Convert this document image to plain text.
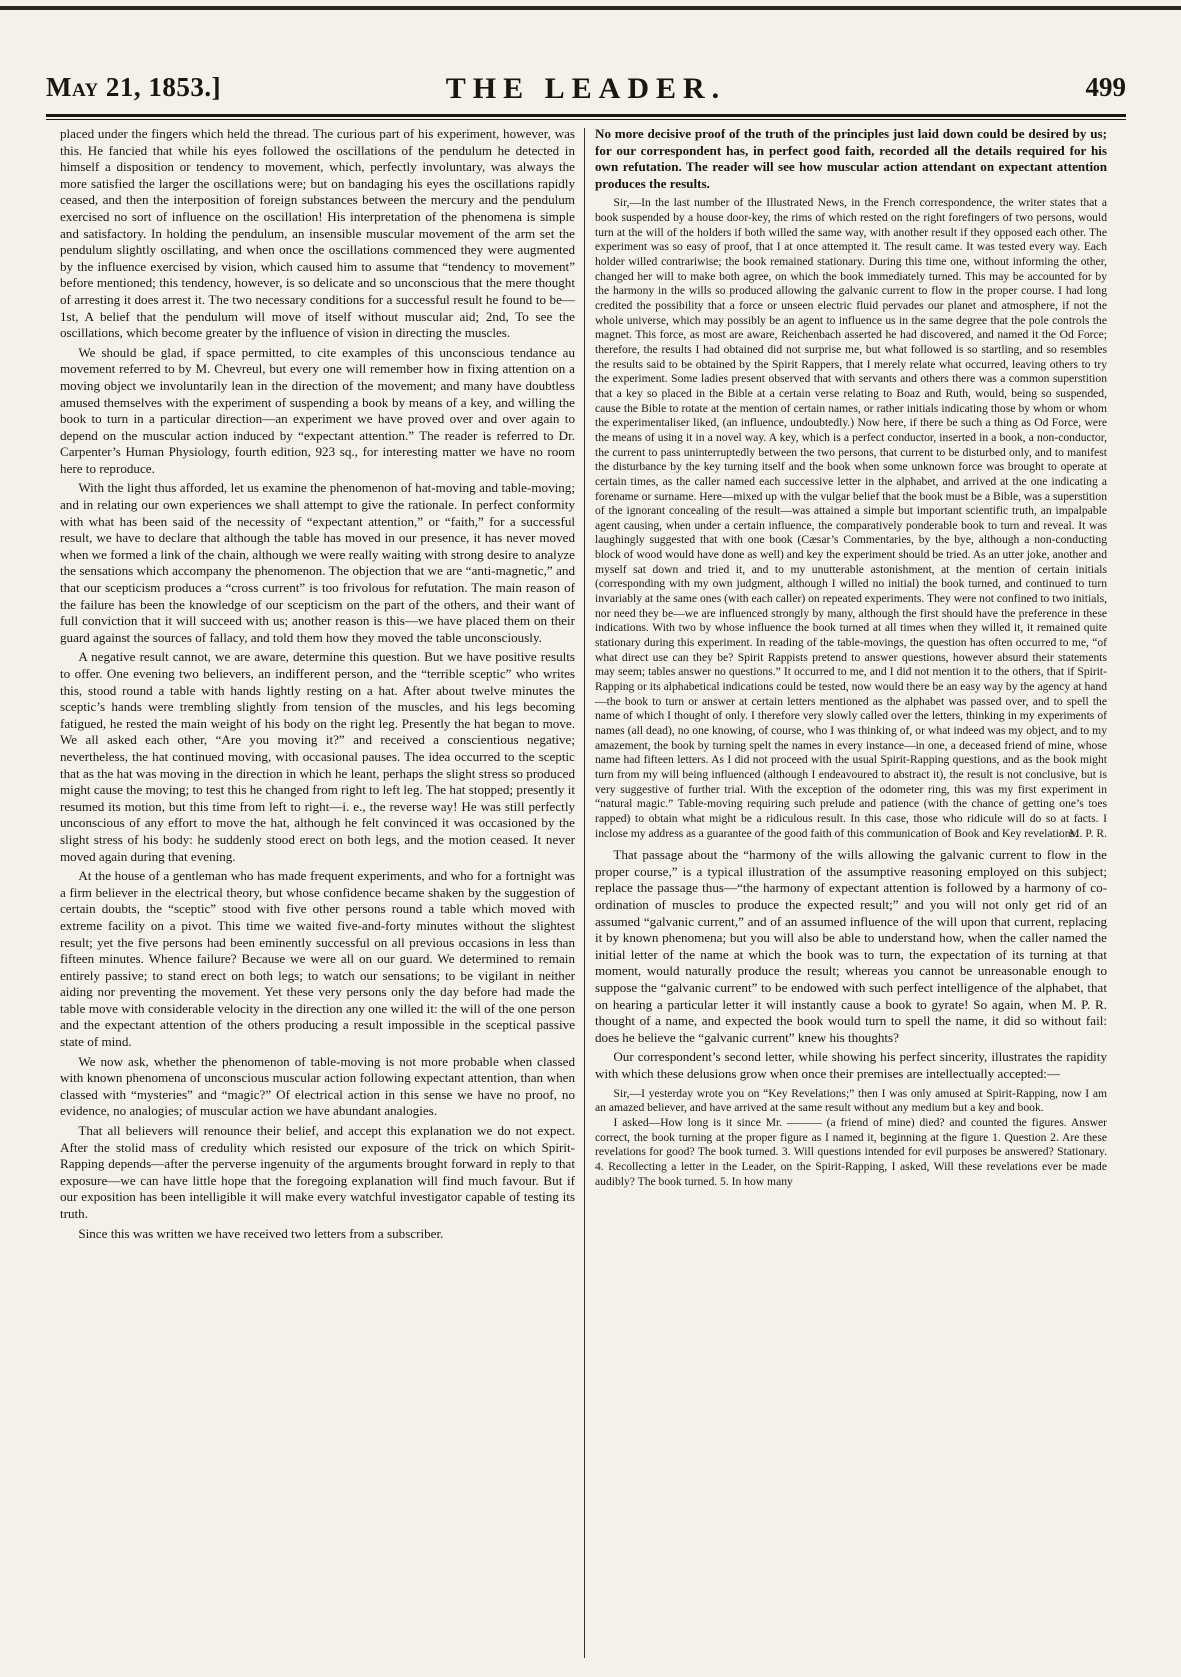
May 21, 1853.]	THE LEADER.	499

placed under the fingers which held the thread. The curious part of his experiment, however, was this. He fancied that while his eyes followed the oscillations of the pendulum he detected in himself a disposition or tendency to movement, which, perfectly involuntary, was always the more satisfied the larger the oscillations were; but on bandaging his eyes the oscillations rapidly ceased, and then the interposition of foreign substances between the mercury and the pendulum exercised no sort of influence on the oscillation! His interpretation of the phenomena is simple and satisfactory. In holding the pendulum, an insensible muscular movement of the arm set the pendulum slightly oscillating, and when once the oscillations commenced they were augmented by the influence exercised by vision, which caused him to assume that “tendency to movement” before mentioned; this tendency, however, is so delicate and so unconscious that the mere thought of arresting it does arrest it. The two necessary conditions for a successful result he found to be—1st, A belief that the pendulum will move of itself without muscular aid; 2nd, To see the oscillations, which become greater by the influence of vision in directing the muscles.

We should be glad, if space permitted, to cite examples of this unconscious tendance au movement referred to by M. Chevreul, but every one will remember how in fixing attention on a moving object we involuntarily lean in the direction of the movement; and many have doubtless amused themselves with the experiment of suspending a book by means of a key, and willing the book to turn in a particular direction—an experiment we have proved over and over again to depend on the muscular action induced by “expectant attention.” The reader is referred to Dr. Carpenter’s Human Physiology, fourth edition, 923 sq., for interesting matter we have no room here to reproduce.

With the light thus afforded, let us examine the phenomenon of hat-moving and table-moving; and in relating our own experiences we shall attempt to give the rationale. In perfect conformity with what has been said of the necessity of “expectant attention,” or “faith,” for a successful result, we have to declare that although the table has moved in our presence, it has never moved when we formed a link of the chain, although we were really waiting with strong desire to analyze the sensations which accompany the phenomenon. The objection that we are “anti-magnetic,” and that our scepticism produces a “cross current” is too frivolous for refutation. The main reason of the failure has been the knowledge of our scepticism on the part of the others, and their want of full conviction that it will succeed with us; another reason is this—we have placed them on their guard against the sources of fallacy, and told them how they moved the table unconsciously.

A negative result cannot, we are aware, determine this question. But we have positive results to offer. One evening two believers, an indifferent person, and the “terrible sceptic” who writes this, stood round a table with hands lightly resting on a hat. After about twelve minutes the sceptic’s hands were trembling slightly from tension of the muscles, and his legs becoming fatigued, he rested the main weight of his body on the right leg. Presently the hat began to move. We all asked each other, “Are you moving it?” and received a conscientious negative; nevertheless, the hat continued moving, with occasional pauses. The idea occurred to the sceptic that as the hat was moving in the direction in which he leant, perhaps the slight stress so produced might cause the moving; to test this he changed from right to left leg. The hat stopped; presently it resumed its motion, but this time from left to right—i. e., the reverse way! He was still perfectly unconscious of any effort to move the hat, although he felt convinced it was occasioned by the slight stress of his body: he suddenly stood erect on both legs, and the motion ceased. It never moved again during that evening.

At the house of a gentleman who has made frequent experiments, and who for a fortnight was a firm believer in the electrical theory, but whose confidence became shaken by the suggestion of certain doubts, the “sceptic” stood with five other persons round a table which moved with extreme facility on a pivot. This time we waited five-and-forty minutes without the slightest result; yet the five persons had been eminently successful on all previous occasions in less than fifteen minutes. Whence failure? Because we were all on our guard. We determined to remain entirely passive; to stand erect on both legs; to watch our sensations; to be vigilant in neither aiding nor preventing the movement. Yet these very persons only the day before had made the table move with considerable velocity in the direction any one willed it: the will of the one person and the expectant attention of the others producing a result impossible in the sceptical passive state of mind.

We now ask, whether the phenomenon of table-moving is not more probable when classed with known phenomena of unconscious muscular action following expectant attention, than when classed with “mysteries” and “magic?” Of electrical action in this sense we have no proof, no evidence, no analogies; of muscular action we have abundant analogies.

That all believers will renounce their belief, and accept this explanation we do not expect. After the stolid mass of credulity which resisted our exposure of the trick on which Spirit-Rapping depends—after the perverse ingenuity of the arguments brought forward in reply to that exposure—we can have little hope that the foregoing explanation will find much favour. But if our exposition has been intelligible it will make every watchful investigator capable of testing its truth.

Since this was written we have received two letters from a subscriber.

No more decisive proof of the truth of the principles just laid down could be desired by us; for our correspondent has, in perfect good faith, recorded all the details required for his own refutation. The reader will see how muscular action attendant on expectant attention produces the results.

Sir,—In the last number of the Illustrated News, in the French correspondence, the writer states that a book suspended by a house door-key, the rims of which rested on the right forefingers of two persons, would turn at the will of the holders if both willed the same way, with another result if they opposed each other. The experiment was so easy of proof, that I at once attempted it. The result came. It was tested every way. Each holder willed contrariwise; the book remained stationary. During this time one, without informing the other, changed her will to make both agree, on which the book immediately turned. This may be accounted for by the harmony in the wills so produced allowing the galvanic current to flow in the proper course. I had long credited the possibility that a force or unseen electric fluid pervades our planet and atmosphere, if not the whole universe, which may possibly be an agent to influence us in the same degree that the pole controls the magnet. This force, as most are aware, Reichenbach asserted he had discovered, and named it the Od Force; therefore, the results I had obtained did not surprise me, but what followed is so startling, and so resembles the results said to be obtained by the Spirit Rappers, that I merely relate what occurred, leaving others to try the experiment. Some ladies present observed that with servants and others there was a common superstition that a key so placed in the Bible at a certain verse relating to Boaz and Ruth, would, being so suspended, cause the Bible to rotate at the mention of certain names, or rather initials indicating those by whom or whom the experimentaliser liked, (an influence, undoubtedly.) Now here, if there be such a thing as Od Force, were the means of using it in a novel way. A key, which is a perfect conductor, inserted in a book, a non-conductor, the current to pass uninterruptedly between the two persons, that current to be disturbed only, and to manifest the disturbance by the key turning itself and the book when some unknown force was brought to operate at certain times, as the caller named each successive letter in the alphabet, and arrived at the one indicating a forename or surname. Here—mixed up with the vulgar belief that the book must be a Bible, was a superstition of the ignorant concealing of the result—was attained a simple but important scientific truth, an impalpable agent causing, when under a certain influence, the comparatively ponderable book to turn and reveal. It was laughingly suggested that with one book (Cæsar’s Commentaries, by the bye, although a non-conducting block of wood would have done as well) and key the experiment should be tried. As an utter joke, another and myself sat down and tried it, and to my unutterable astonishment, at the mention of certain initials (corresponding with my own judgment, although I willed no initial) the book turned, and continued to turn invariably at the same ones (with each caller) on repeated experiments. They were not confined to two initials, nor need they be—we are influenced strongly by many, although the first should have the preference in these indications. With two by whose influence the book turned at all times when they willed it, it remained quite stationary during this experiment. In reading of the table-movings, the question has often occurred to me, “of what direct use can they be? Spirit Rappists pretend to answer questions, however absurd their statements may seem; tables answer no questions.” It occurred to me, and I did not mention it to the others, that if Spirit-Rapping or its alphabetical indications could be tested, now would there be an easy way by the agency at hand—the book to turn or answer at certain letters mentioned as the alphabet was passed over, and to spell the name of which I thought of only. I therefore very slowly called over the letters, thinking in my experiments of names (all dead), no one knowing, of course, who I was thinking of, or what indeed was my object, and to my amazement, the book by turning spelt the names in every instance—in one, a deceased friend of mine, whose name had fifteen letters. As I did not proceed with the usual Spirit-Rapping questions, and as the book might turn from my will being influenced (although I endeavoured to abstract it), the result is not conclusive, but is very suggestive of further trial. With the exception of the odometer ring, this was my first experiment in “natural magic.” Table-moving requiring such prelude and patience (with the chance of getting one’s toes rapped) to obtain what might be a ridiculous result. In this case, those who ridicule will do so at facts. I inclose my address as a guarantee of the good faith of this communication of Book and Key revelations.

M. P. R.

That passage about the “harmony of the wills allowing the galvanic current to flow in the proper course,” is a typical illustration of the assumptive reasoning employed on this subject; replace the passage thus—“the harmony of expectant attention is followed by a harmony of co-ordination of muscles to produce the expected result;” and you will not only get rid of an assumed “galvanic current,” and of an assumed influence of the will upon that current, replacing it by known phenomena; but you will also be able to understand how, when the caller named the initial letter of the name at which the book was to turn, the expectation of its turning at that moment, would naturally produce the result; whereas you cannot be unreasonable enough to suppose the “galvanic current” to be endowed with such perfect intelligence of the alphabet, that on hearing a particular letter it will instantly cause a book to gyrate! So again, when M. P. R. thought of a name, and expected the book would turn to spell the name, it did so without fail: does he believe the “galvanic current” knew his thoughts?

Our correspondent’s second letter, while showing his perfect sincerity, illustrates the rapidity with which these delusions grow when once their premises are intellectually accepted:—

Sir,—I yesterday wrote you on “Key Revelations;” then I was only amused at Spirit-Rapping, now I am an amazed believer, and have arrived at the same result without any medium but a key and book.

I asked—How long is it since Mr. ——— (a friend of mine) died? and counted the figures. Answer correct, the book turning at the proper figure as I named it, beginning at the figure 1. Question 2. Are these revelations for good? The book turned. 3. Will questions intended for evil purposes be answered? Stationary. 4. Recollecting a letter in the Leader, on the Spirit-Rapping, I asked, Will these revelations ever be made audibly? The book turned. 5. In how many
